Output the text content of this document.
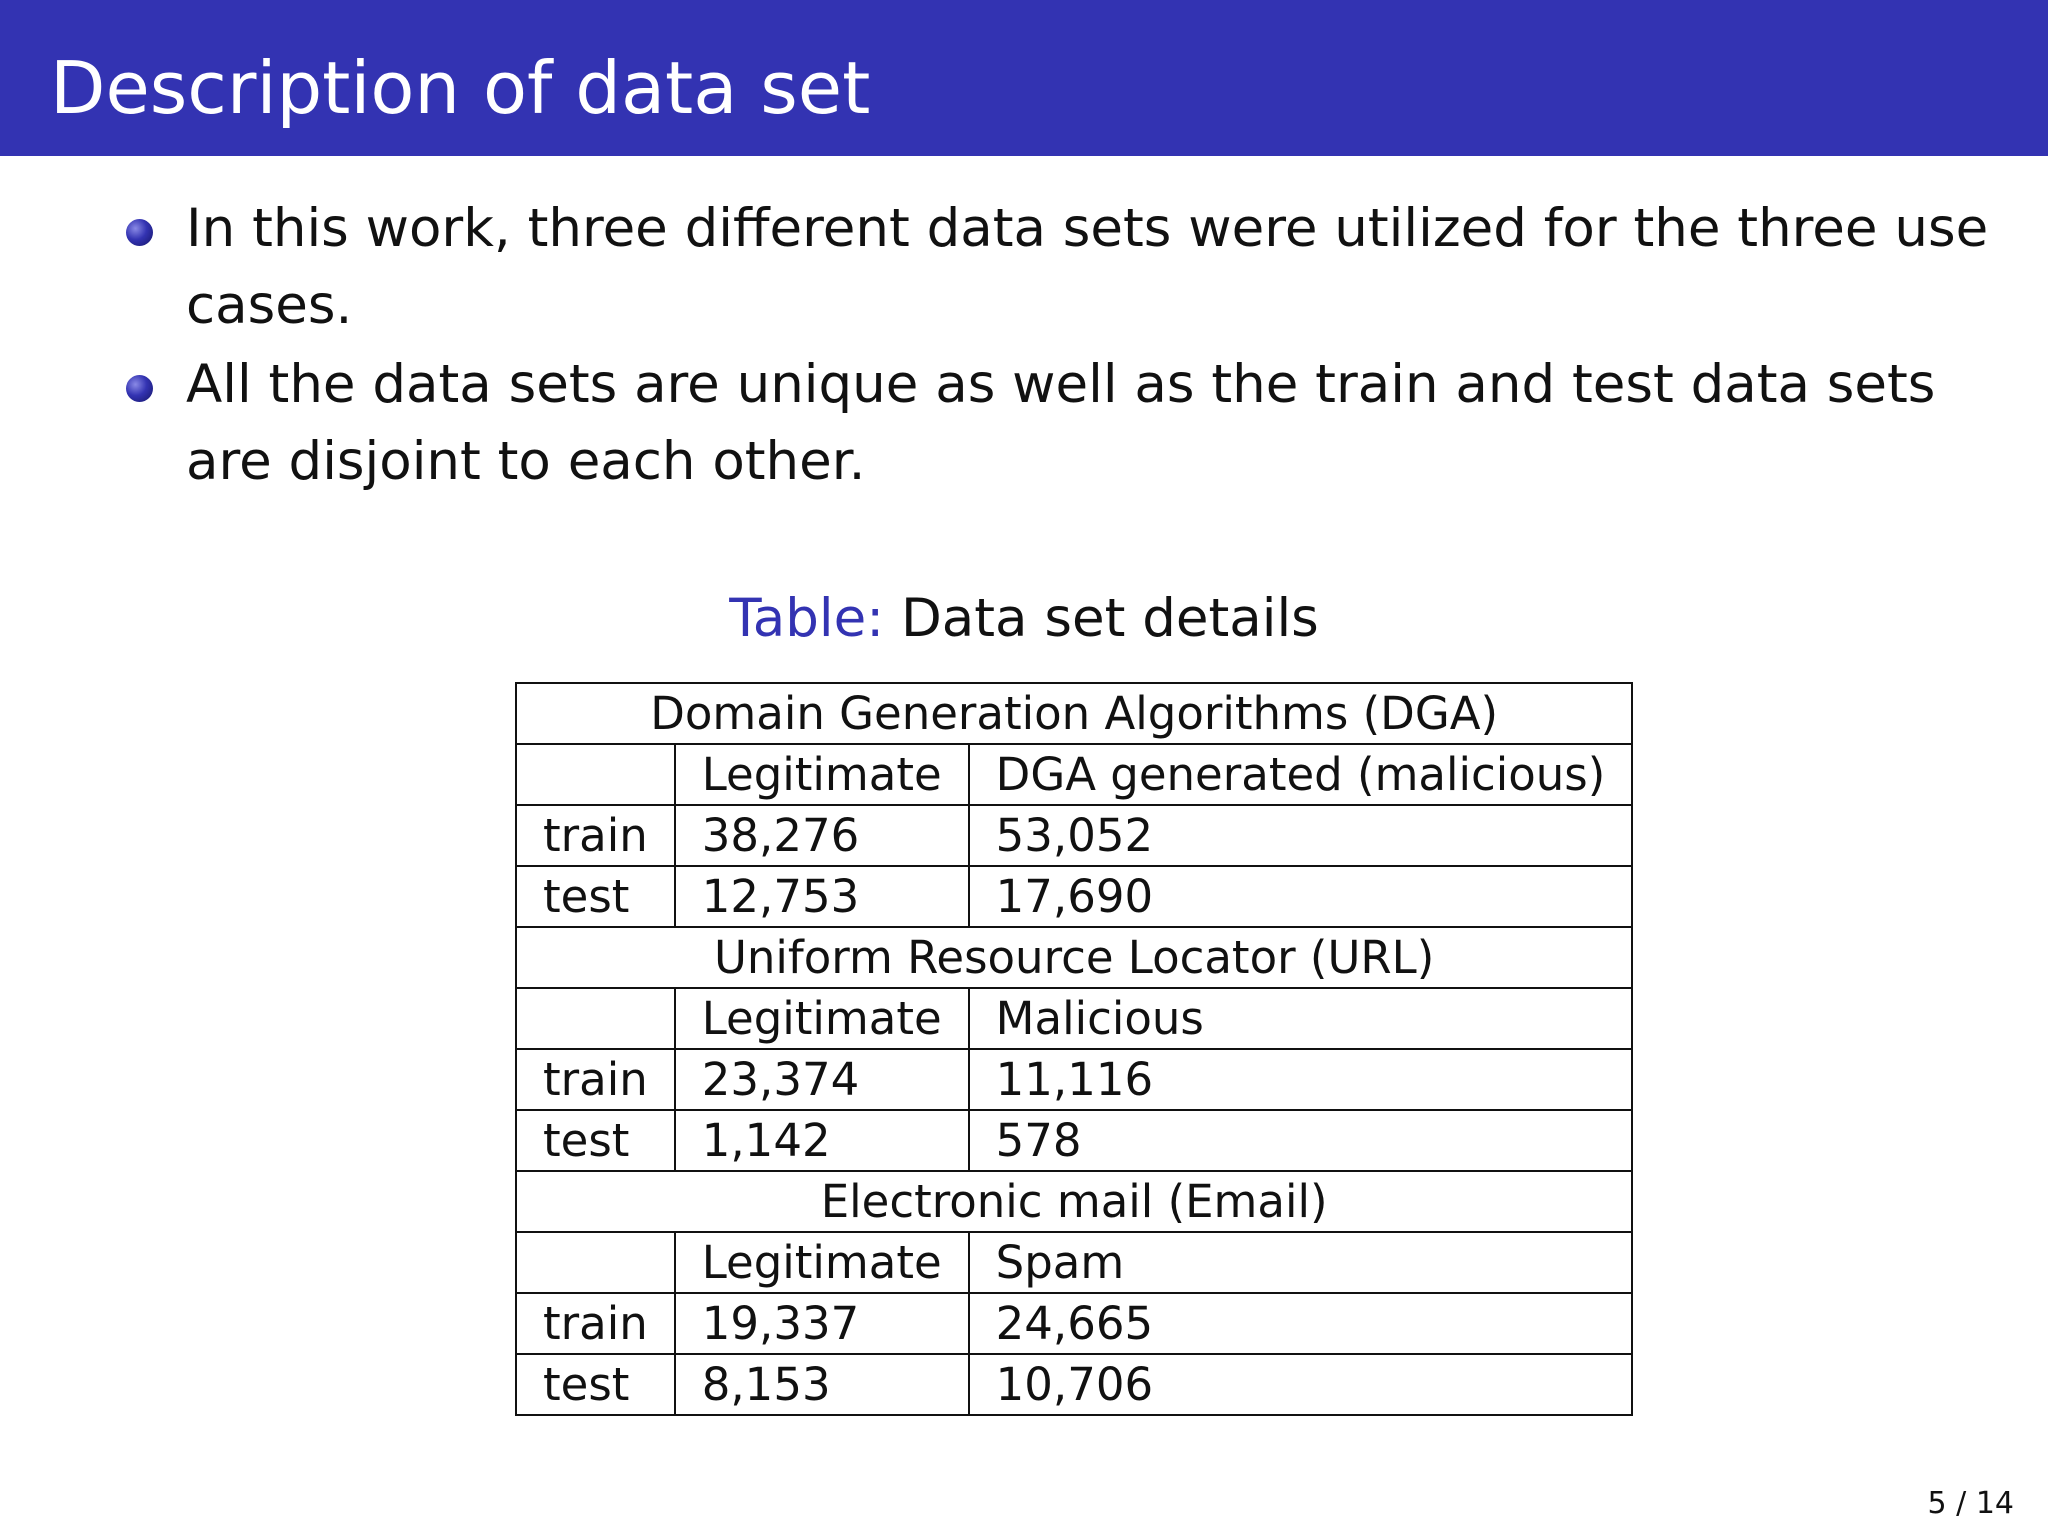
Description of data set
In this work, three different data sets were utilized for the three use cases.
All the data sets are unique as well as the train and test data sets are disjoint to each other.
Table: Data set details
Domain Generation Algorithms (DGA)		
	Legitimate	DGA generated (malicious)
train	38,276	53,052
test	12,753	17,690
Uniform Resource Locator (URL)		
	Legitimate	Malicious
train	23,374	11,116
test	1,142	578
Electronic mail (Email)		
	Legitimate	Spam
train	19,337	24,665
test	8,153	10,706
5 / 14
